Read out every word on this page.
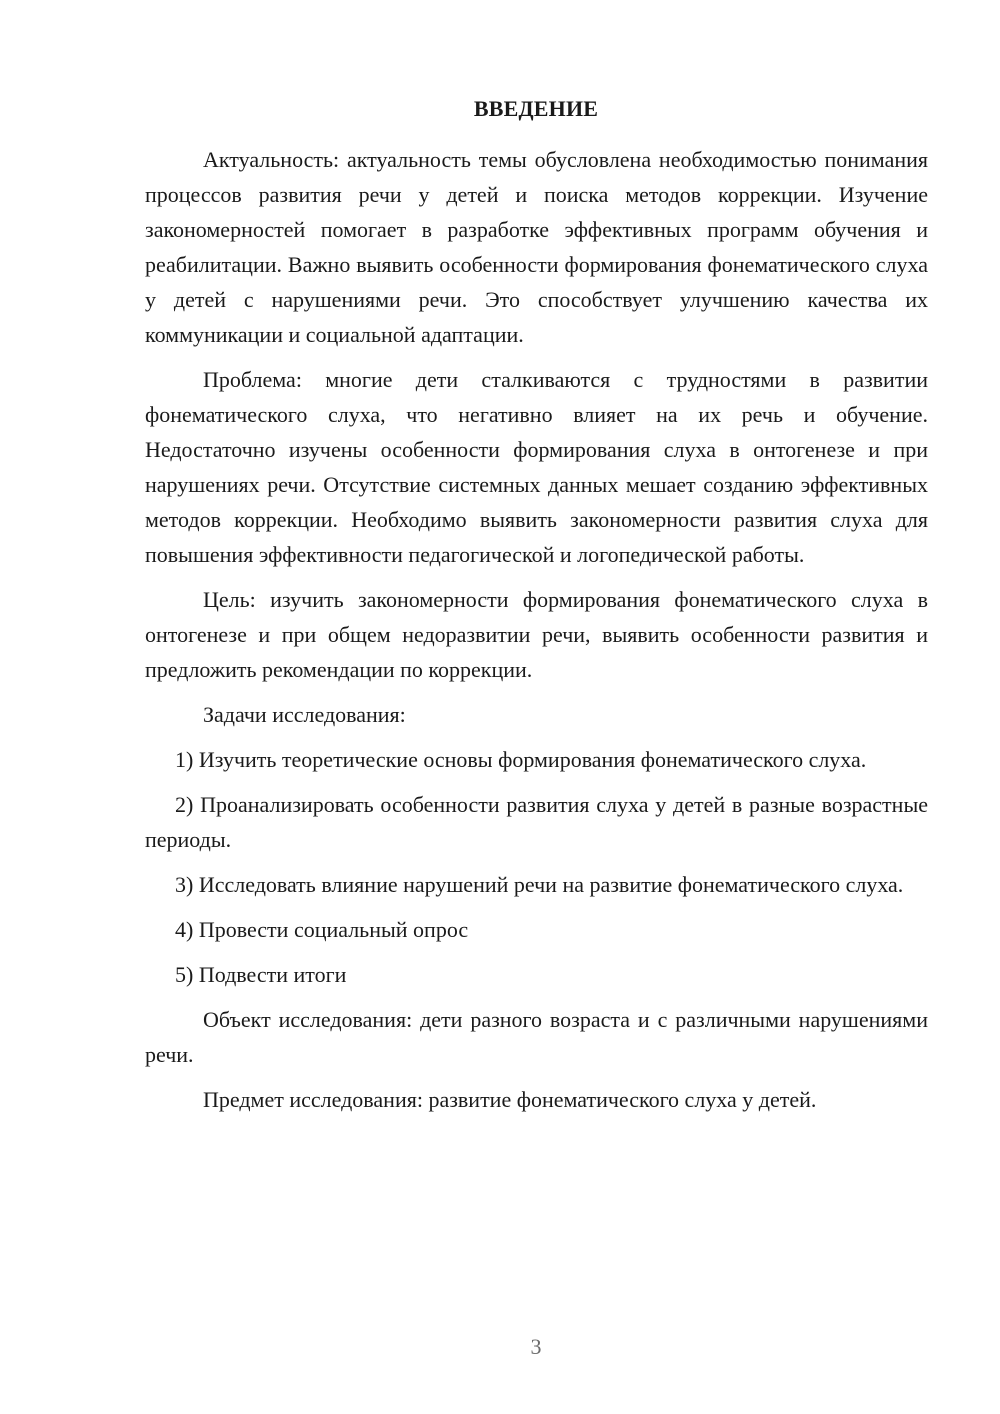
ВВЕДЕНИЕ

Актуальность: актуальность темы обусловлена необходимостью понимания процессов развития речи у детей и поиска методов коррекции. Изучение закономерностей помогает в разработке эффективных программ обучения и реабилитации. Важно выявить особенности формирования фонематического слуха у детей с нарушениями речи. Это способствует улучшению качества их коммуникации и социальной адаптации.

Проблема: многие дети сталкиваются с трудностями в развитии фонематического слуха, что негативно влияет на их речь и обучение. Недостаточно изучены особенности формирования слуха в онтогенезе и при нарушениях речи. Отсутствие системных данных мешает созданию эффективных методов коррекции. Необходимо выявить закономерности развития слуха для повышения эффективности педагогической и логопедической работы.

Цель: изучить закономерности формирования фонематического слуха в онтогенезе и при общем недоразвитии речи, выявить особенности развития и предложить рекомендации по коррекции.

Задачи исследования:

1) Изучить теоретические основы формирования фонематического слуха.

2) Проанализировать особенности развития слуха у детей в разные возрастные периоды.

3) Исследовать влияние нарушений речи на развитие фонематического слуха.

4) Провести социальный опрос

5) Подвести итоги

Объект исследования: дети разного возраста и с различными нарушениями речи.

Предмет исследования: развитие фонематического слуха у детей.

3
